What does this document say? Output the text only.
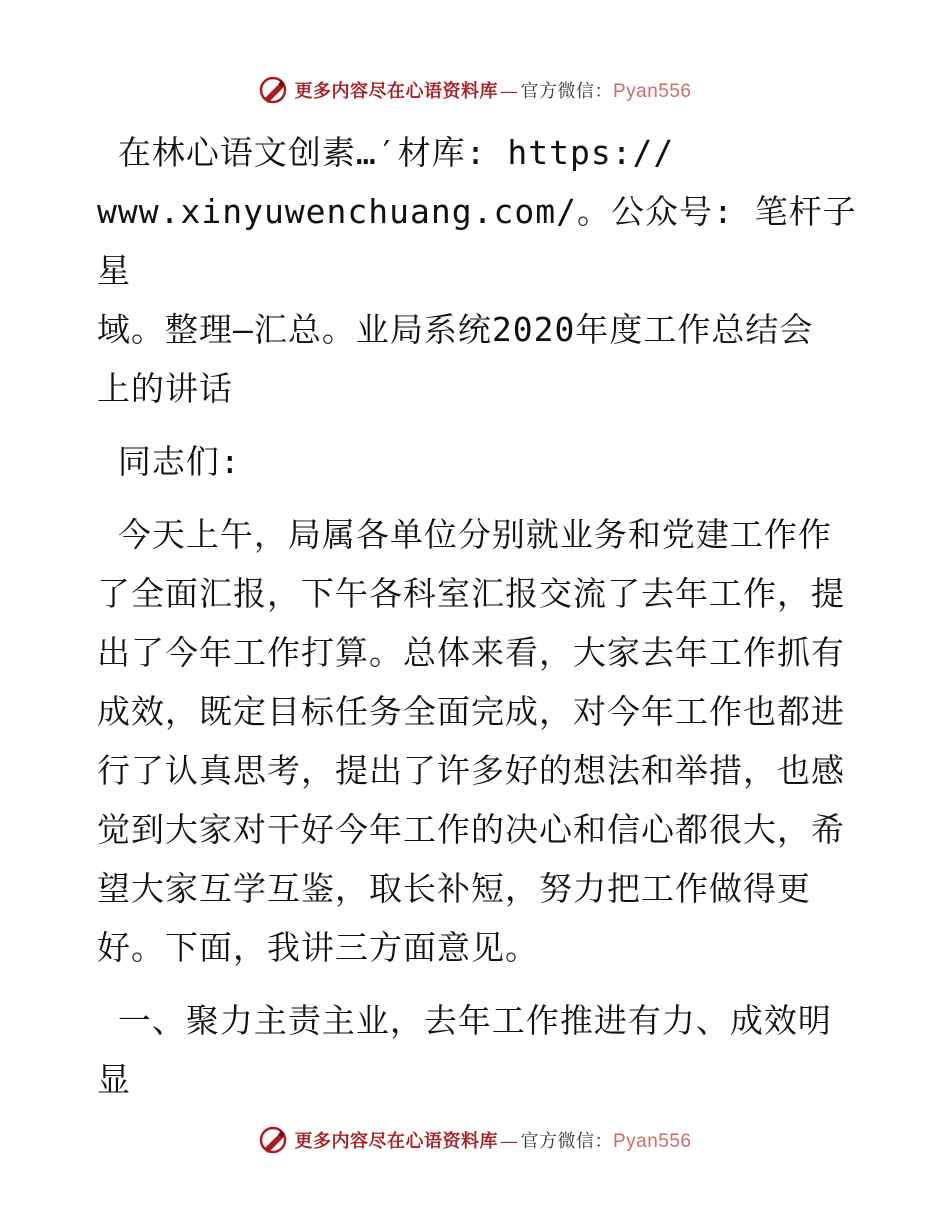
更多内容尽在心语资料库 — 官方微信：Pyan556

在林心语文创素…′材库: https://
www.xinyuwenchuang.com/。公众号: 笔杆子星
域。整理—汇总。业局系统2020年度工作总结会
上的讲话

同志们:

今天上午，局属各单位分别就业务和党建工作作
了全面汇报，下午各科室汇报交流了去年工作，提
出了今年工作打算。总体来看，大家去年工作抓有
成效，既定目标任务全面完成，对今年工作也都进
行了认真思考，提出了许多好的想法和举措，也感
觉到大家对干好今年工作的决心和信心都很大，希
望大家互学互鉴，取长补短，努力把工作做得更
好。下面，我讲三方面意见。

一、聚力主责主业，去年工作推进有力、成效明
显

更多内容尽在心语资料库 — 官方微信：Pyan556
